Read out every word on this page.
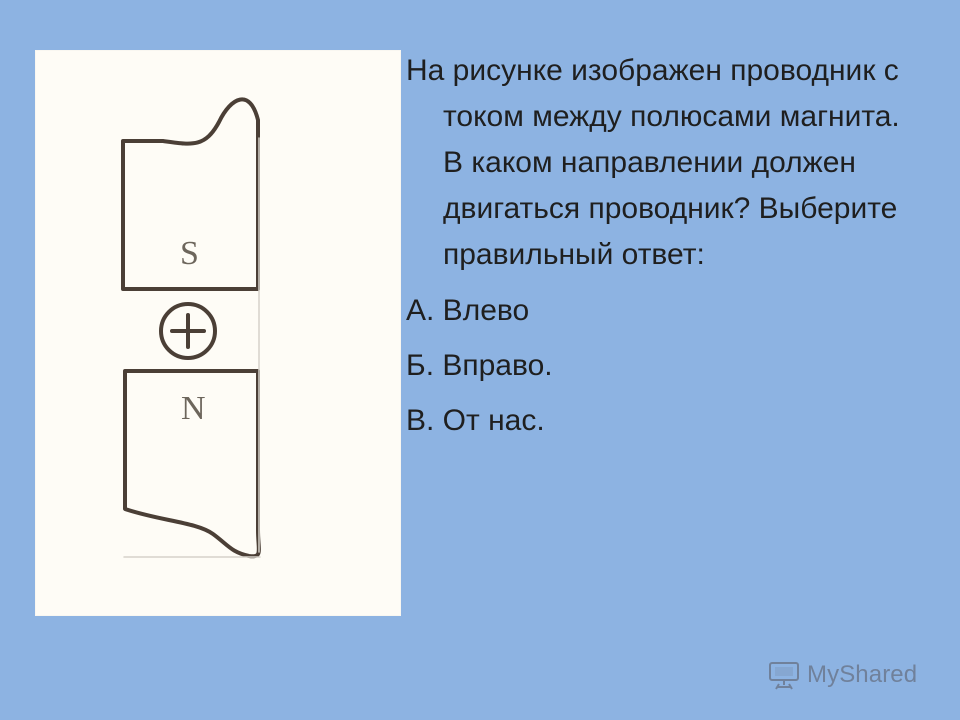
S
N

На рисунке изображен проводник с током между полюсами магнита. В каком направлении должен двигаться проводник? Выберите правильный ответ:

А. Влево
Б. Вправо.
В. От нас.
MyShared
